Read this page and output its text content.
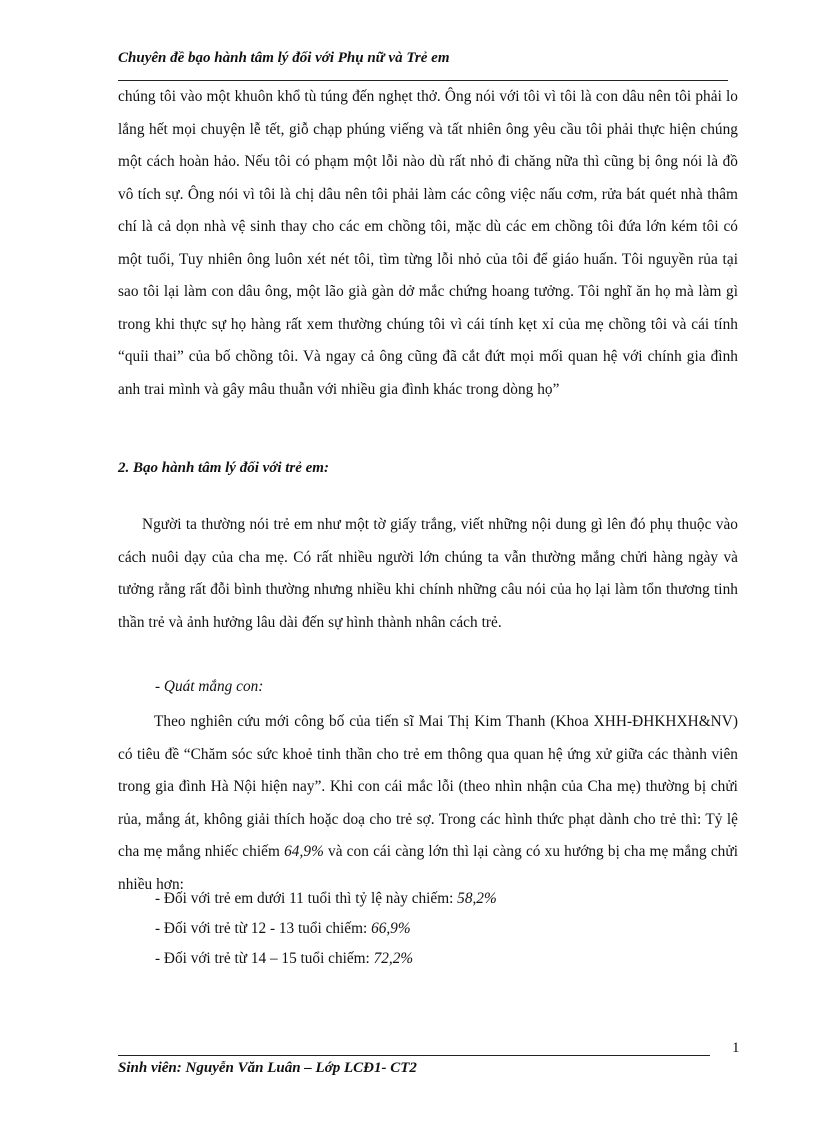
Chuyên đề bạo hành tâm lý đối với Phụ nữ và Trẻ em

chúng tôi vào một khuôn khổ tù túng đến nghẹt thở. Ông nói với tôi vì tôi là con dâu nên tôi phải lo lắng hết mọi chuyện lễ tết, giỗ chạp phúng viếng và tất nhiên ông yêu cầu tôi phải thực hiện chúng một cách hoàn hảo. Nếu tôi có phạm một lỗi nào dù rất nhỏ đi chăng nữa thì cũng bị ông nói là đồ vô tích sự. Ông nói vì tôi là chị dâu nên tôi phải làm các công việc nấu cơm, rửa bát quét nhà thâm chí là cả dọn nhà vệ sinh thay cho các em chồng tôi, mặc dù các em chồng tôi đứa lớn kém tôi có một tuổi, Tuy nhiên ông luôn xét nét tôi, tìm từng lỗi nhỏ của tôi để giáo huấn. Tôi nguyền rủa tại sao tôi lại làm con dâu ông, một lão già gàn dở mắc chứng hoang tưởng. Tôi nghĩ ăn họ mà làm gì trong khi thực sự họ hàng rất xem thường chúng tôi vì cái tính kẹt xỉ của mẹ chồng tôi và cái tính “quỉi thai” của bố chồng tôi. Và ngay cả ông cũng đã cắt đứt mọi mối quan hệ với chính gia đình anh trai mình và gây mâu thuẫn với nhiều gia đình khác trong dòng họ”

2. Bạo hành tâm lý đối với trẻ em:

Người ta thường nói trẻ em như một tờ giấy trắng, viết những nội dung gì lên đó phụ thuộc vào cách nuôi dạy của cha mẹ. Có rất nhiều người lớn chúng ta vẫn thường mắng chửi hàng ngày và tưởng rằng rất đỗi bình thường nhưng nhiều khi chính những câu nói của họ lại làm tổn thương tinh thần trẻ và ảnh hưởng lâu dài đến sự hình thành nhân cách trẻ.

- Quát mắng con:

Theo nghiên cứu mới công bố của tiến sĩ Mai Thị Kim Thanh (Khoa XHH-ĐHKHXH&NV) có tiêu đề “Chăm sóc sức khoẻ tinh thần cho trẻ em thông qua quan hệ ứng xử giữa các thành viên trong gia đình Hà Nội hiện nay”. Khi con cái mắc lỗi (theo nhìn nhận của Cha mẹ) thường bị chửi rủa, mắng át, không giải thích hoặc doạ cho trẻ sợ. Trong các hình thức phạt dành cho trẻ thì: Tỷ lệ cha mẹ mắng nhiếc chiếm 64,9% và con cái càng lớn thì lại càng có xu hướng bị cha mẹ mắng chửi nhiều hơn:

- Đối với trẻ em dưới 11 tuổi thì tỷ lệ này chiếm: 58,2%

- Đối với trẻ từ 12 - 13 tuổi chiếm: 66,9%

- Đối với trẻ từ 14 – 15 tuổi chiếm: 72,2%

1
Sinh viên: Nguyễn Văn Luân – Lớp LCĐ1- CT2
